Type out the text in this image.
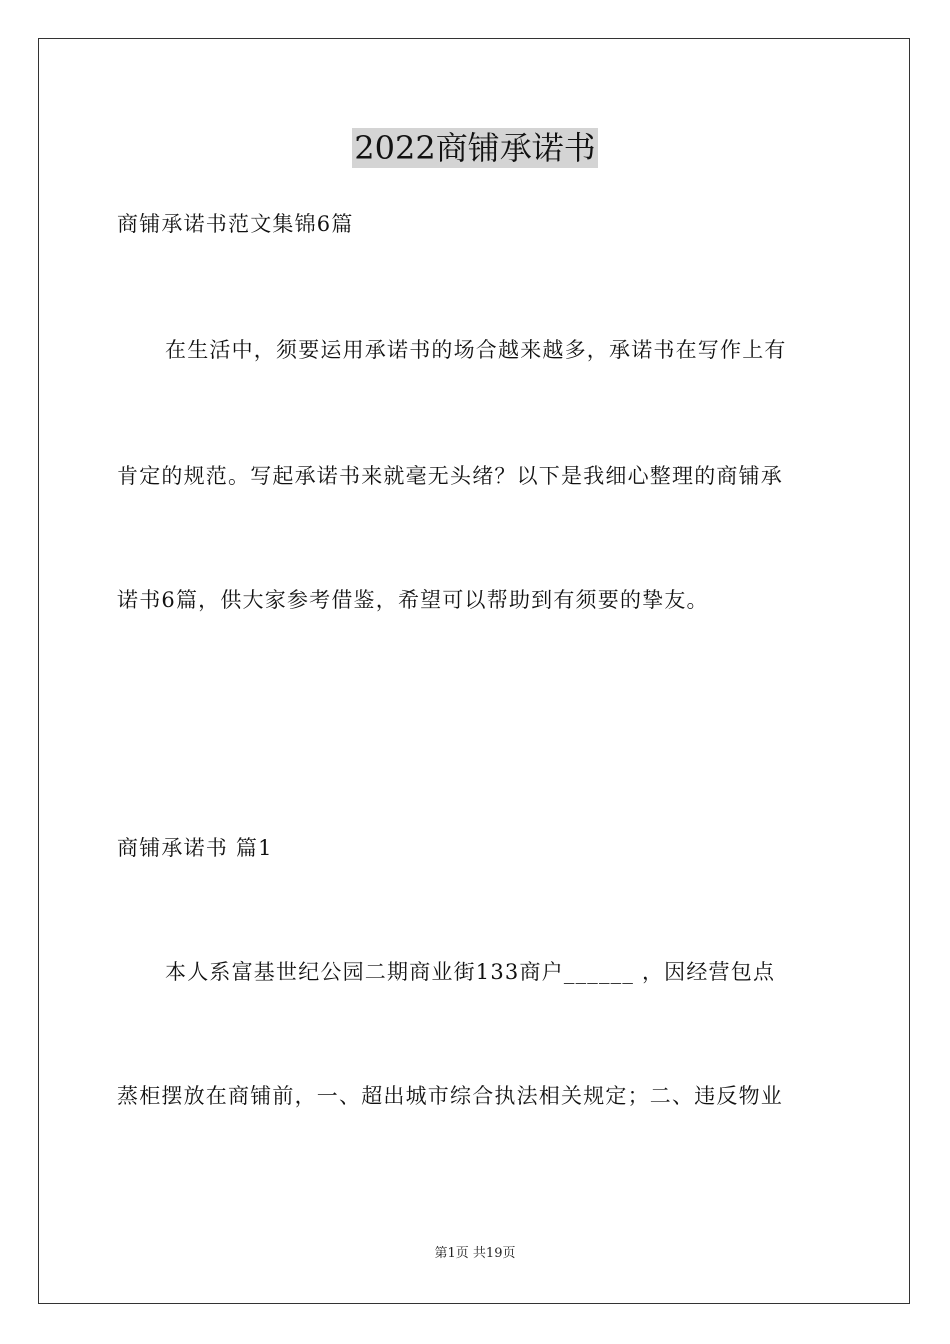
2022商铺承诺书
商铺承诺书范文集锦6篇
在生活中，须要运用承诺书的场合越来越多，承诺书在写作上有
肯定的规范。写起承诺书来就毫无头绪？以下是我细心整理的商铺承
诺书6篇，供大家参考借鉴，希望可以帮助到有须要的挚友。
商铺承诺书 篇1
本人系富基世纪公园二期商业街133商户______ ，因经营包点
蒸柜摆放在商铺前，一、超出城市综合执法相关规定；二、违反物业
第1页 共19页
